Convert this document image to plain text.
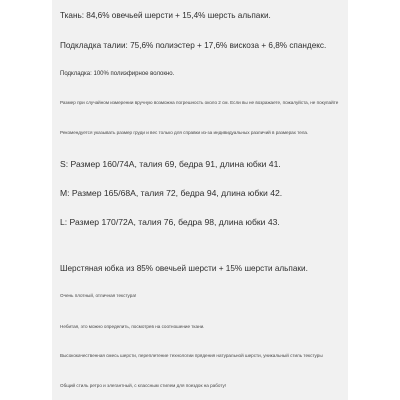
Ткань: 84,6% овечьей шерсти + 15,4% шерсть альпаки.
Подкладка талии: 75,6% полиэстер + 17,6% вискоза + 6,8% спандекс.
Подкладка: 100% полиэфирное волокно.
Размер при случайном измерении вручную возможна погрешность около 2 см. Если вы не возражаете, пожалуйста, не покупайте
Рекомендуется указывать размер груди и вес только для справки из-за индивидуальных различий в размерах тела.
S: Размер 160/74A, талия 69, бедра 91, длина юбки 41.
M: Размер 165/68A, талия 72, бедра 94, длина юбки 42.
L: Размер 170/72A, талия 76, бедра 98, длина юбки 43.
Шерстяная юбка из 85% овечьей шерсти + 15% шерсти альпаки.
Очень плотный, отличная текстура!
Небитая, это можно определить, посмотрев на соотношение ткани.
Высококачественная смесь шерсти, переплетение технологии прядения натуральной шерсти, уникальный стиль текстуры
Общий стиль ретро и элегантный, с классным стилем для поездок на работу!
